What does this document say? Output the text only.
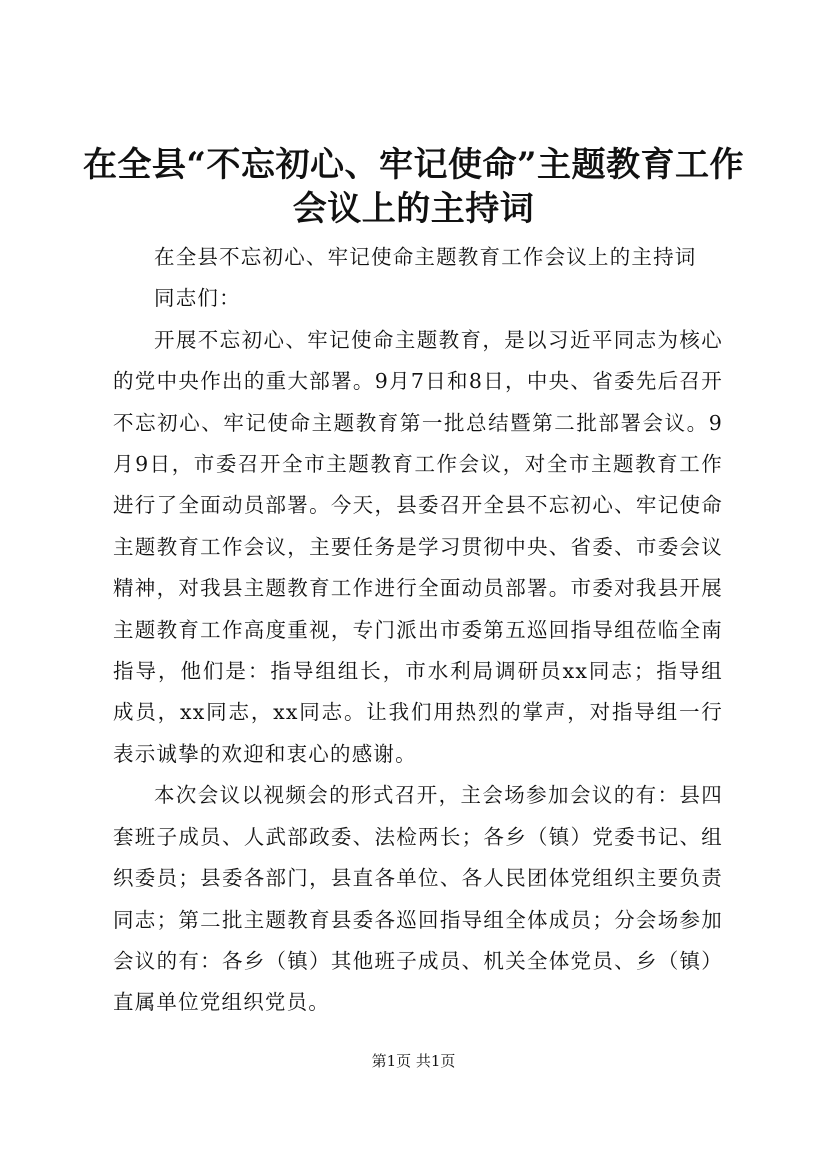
在全县“不忘初心、牢记使命”主题教育工作
会议上的主持词

在全县不忘初心、牢记使命主题教育工作会议上的主持词

同志们：

开展不忘初心、牢记使命主题教育，是以习近平同志为核心的党中央作出的重大部署。9月7日和8日，中央、省委先后召开不忘初心、牢记使命主题教育第一批总结暨第二批部署会议。9月9日，市委召开全市主题教育工作会议，对全市主题教育工作进行了全面动员部署。今天，县委召开全县不忘初心、牢记使命主题教育工作会议，主要任务是学习贯彻中央、省委、市委会议精神，对我县主题教育工作进行全面动员部署。市委对我县开展主题教育工作高度重视，专门派出市委第五巡回指导组莅临全南指导，他们是：指导组组长，市水利局调研员xx同志；指导组成员，xx同志，xx同志。让我们用热烈的掌声，对指导组一行表示诚挚的欢迎和衷心的感谢。

本次会议以视频会的形式召开，主会场参加会议的有：县四套班子成员、人武部政委、法检两长；各乡（镇）党委书记、组织委员；县委各部门，县直各单位、各人民团体党组织主要负责同志；第二批主题教育县委各巡回指导组全体成员；分会场参加会议的有：各乡（镇）其他班子成员、机关全体党员、乡（镇）直属单位党组织党员。

第1页 共1页
